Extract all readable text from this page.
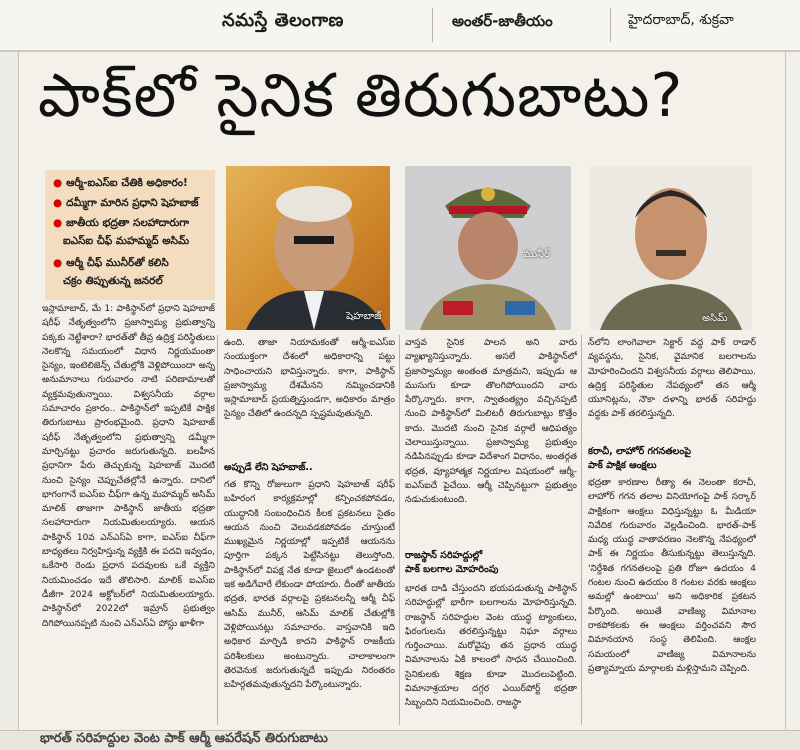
నమస్తే తెలంగాణ	అంతర్‌-జాతీయం	హైదరాబాద్‌, శుక్రవా
పాక్‌లో సైనిక తిరుగుబాటు?
● ఆర్మీ-ఐఎస్‌ఐ చేతికి అధికారం!
● దమ్మీగా మారిన ప్రధాని షెహబాజ్
● జాతీయ భద్రతా సలహాదారుగా
ఐఎస్‌ఐ చీఫ్ మహమ్మద్ అసిమ్
● ఆర్మీ చీఫ్ మునీర్‌తో కలిసి
చక్రం తిప్పుతున్న జనరల్
షెహబాజ్
మునీర్
అసిమ్
ఇస్లామాబాద్‌, మే 1: పాకిస్థాన్‌లో ప్రధాని షెహబాజ్ షరీఫ్ నేతృత్వంలోని ప్రజాస్వామ్య ప్రభుత్వాన్ని పక్కకు నెట్టేశారా? భారత్‌తో తీవ్ర ఉద్రిక్త పరిస్థితులు నెలకొన్న సమయంలో విధాన నిర్ణయమంతా సైన్యం, ఇంటెలిజెన్స్ చేతుల్లోకి వెళ్లిపోయిందా అన్న అనుమానాలు గురువారం నాటి పరిణామాలతో వ్యక్తమవుతున్నాయి. విశ్వసనీయ వర్గాల సమాచారం ప్రకారం.. పాకిస్థాన్‌లో ఇప్పటికే పాక్షిక తిరుగుబాటు ప్రారంభమైంది. ప్రధాని షెహబాజ్ షరీఫ్ నేతృత్వంలోని ప్రభుత్వాన్ని డమ్మీగా మార్చినట్టు ప్రచారం జరుగుతున్నది. బలహీన ప్రధానిగా పేరు తెచ్చుకున్న షెహబాజ్ మొదటి నుంచి సైన్యం చెప్పుచేతల్లోనే ఉన్నారు. దానిలో భాగంగానే ఐఎస్‌ఐ చీఫ్‌గా ఉన్న మహమ్మద్ అసిమ్ మాలిక్ తాజాగా పాకిస్థాన్ జాతీయ భద్రతా సలహాదారుగా నియమితులయ్యారు. ఆయన పాకిస్థాన్ 10వ ఎన్‌ఎస్‌ఏ కాగా, ఐఎస్‌ఐ చీఫ్‌గా బాధ్యతలు నిర్వహిస్తున్న వ్యక్తికి ఈ పదవి ఇవ్వడం, ఒకేసారి రెండు ప్రధాన పదవులకు ఒకే వ్యక్తిని నియమించడం ఇదే తొలిసారి. మాలిక్ ఐఎస్‌ఐ డీజీగా 2024 అక్టోబర్‌లో నియమితులయ్యారు. పాకిస్థాన్‌లో 2022లో ఇమ్రాన్ ప్రభుత్వం దిగిపోయినప్పటి నుంచి ఎన్‌ఎస్‌ఏ పోస్టు ఖాళీగా
ఉంది. తాజా నియామకంతో ఆర్మీ-ఐఎస్‌ఐ సంయుక్తంగా దేశంలో అధికారాన్ని పట్టు సాధించాయని భావిస్తున్నారు. కాగా, పాకిస్థాన్ ప్రజాస్వామ్య దేశమేనని నమ్మించడానికి ఇస్లామాబాద్ ప్రయత్నిస్తుండగా, అధికారం మాత్రం సైన్యం చేతిలో ఉందన్నది స్పష్టమవుతున్నది.
అప్పుడే లేని షెహబాజ్..
గత కొన్ని రోజులుగా ప్రధాని షెహబాజ్ షరీఫ్ బహిరంగ కార్యక్రమాల్లో కన్పించకపోవడం, యుద్ధానికి సంబంధించిన కీలక ప్రకటనలు సైతం ఆయన నుంచి వెలువడకపోవడం చూస్తుంటే ముఖ్యమైన నిర్ణయాల్లో ఇప్పటికే ఆయనను పూర్తిగా పక్కన పెట్టేసినట్టు తెలుస్తోంది. పాకిస్థాన్‌లో విపక్ష నేత కూడా జైలులో ఉండటంతో ఇక అడిగేవారే లేకుండా పోయారు. దీంతో జాతీయ భద్రత, భారత వర్గాలపై ప్రకటనలన్నీ ఆర్మీ చీఫ్ ఆసిమ్ మునీర్, ఆసిమ్ మాలిక్ చేతుల్లోకి వెళ్లిపోయినట్లు సమాచారం. వాస్తవానికి ఇది అధికార మార్పిడి కాదని పాకిస్థాన్ రాజకీయ పరిశీలకులు అంటున్నారు. చాలాకాలంగా తెరవెనుక జరుగుతున్నదే ఇప్పుడు నిరంతరం బహిర్గతమవుతున్నదని పేర్కొంటున్నారు.
వాస్తవ సైనిక పాలన అని వారు వ్యాఖ్యానిస్తున్నారు. అసలే పాకిస్థాన్‌లో ప్రజాస్వామ్యం అంతంత మాత్రమని, ఇప్పుడు ఆ ముసుగు కూడా తొలగిపోయిందని వారు పేర్కొన్నారు. కాగా, స్వాతంత్య్రం వచ్చినప్పటి నుంచి పాకిస్థాన్‌లో మిలిటరీ తిరుగుబాట్లు కొత్తేం కాదు. మొదటి నుంచి సైనిక వర్గాలే ఆధిపత్యం చెలాయిస్తున్నాయి. ప్రజాస్వామ్య ప్రభుత్వం నడిపినప్పుడు కూడా విదేశాంగ విధానం, అంతర్గత భద్రత, వ్యూహాత్మక నిర్ణయాల విషయంలో ఆర్మీ-ఐఎస్‌ఐదే పైచేయి. ఆర్మీ చెప్పినట్టుగా ప్రభుత్వం నడుచుకుంటుంది.
రాజస్థాన్ సరిహద్దుల్లో
పాక్ బలగాల మోహరింపు
భారత దాడి చేస్తుందని భయపడుతున్న పాకిస్థాన్ సరిహద్దుల్లో భారీగా బలగాలను మోహరిస్తున్నది. రాజస్థాన్ సరిహద్దుల వెంట యుద్ధ ట్యాంకులు, ఫిరంగులను తరలిస్తున్నట్టు నిఘా వర్గాలు గుర్తించాయి. మరోవైపు తన ప్రధాన యుద్ధ విమానాలను ఏకి కాలంలో సాధన చేయించింది. సైనికులకు శిక్షణ కూడా మొదలుపెట్టింది. విమానాశ్రయాల దగ్గర ఎయిర్‌పోర్ట్ భద్రతా సిబ్బందిని నియమించింది. రాజస్థా
న్‌లోని లాంగెవాలా సెక్టార్ వద్ద పాక్ రాడార్ వ్యవస్థను, సైనిక, వైమానిక బలగాలను మోహరించిందని విశ్వసనీయ వర్గాలు తెలిపాయి. ఉద్రిక్త పరిస్థితుల నేపథ్యంలో తన ఆర్మీ యూనిట్లను, నౌకా దళాన్ని భారత్ సరిహద్దు వద్దకు పాక్ తరలిస్తున్నది.
కరాచీ, లాహోర్ గగనతలంపై
పాక్ పాక్షిక ఆంక్షలు
భద్రతా కారణాల రీత్యా ఈ నెలంతా కరాచీ, లాహోర్ గగన తలాల వినియోగంపై పాక్ సర్కార్ పాక్షికంగా ఆంక్షలు విధిస్తున్నట్టు ఓ మీడియా నివేదిక గురువారం వెల్లడించింది. భారత్-పాక్ మధ్య యుద్ధ వాతావరణం నెలకొన్న నేపథ్యంలో పాక్ ఈ నిర్ణయం తీసుకున్నట్టు తెలుస్తున్నది. 'నిర్దేశిత గగనతలంపై ప్రతి రోజూ ఉదయం 4 గంటల నుంచి ఉదయం 8 గంటల వరకు ఆంక్షలు అమల్లో ఉంటాయి' అని అధికారిక ప్రకటన పేర్కొంది. అయితే వాణిజ్య విమానాల రాకపోకలకు ఈ ఆంక్షలు వర్తించవని సౌర విమానయాన సంస్థ తెలిపింది. ఆంక్షల సమయంలో వాణిజ్య విమానాలను ప్రత్యామ్నాయ మార్గాలకు మళ్లిస్తామని చెప్పింది.
భారత్ సరిహద్దుల వెంట పాక్ ఆర్మీ ఆపరేషన్ తిరుగుబాటు
